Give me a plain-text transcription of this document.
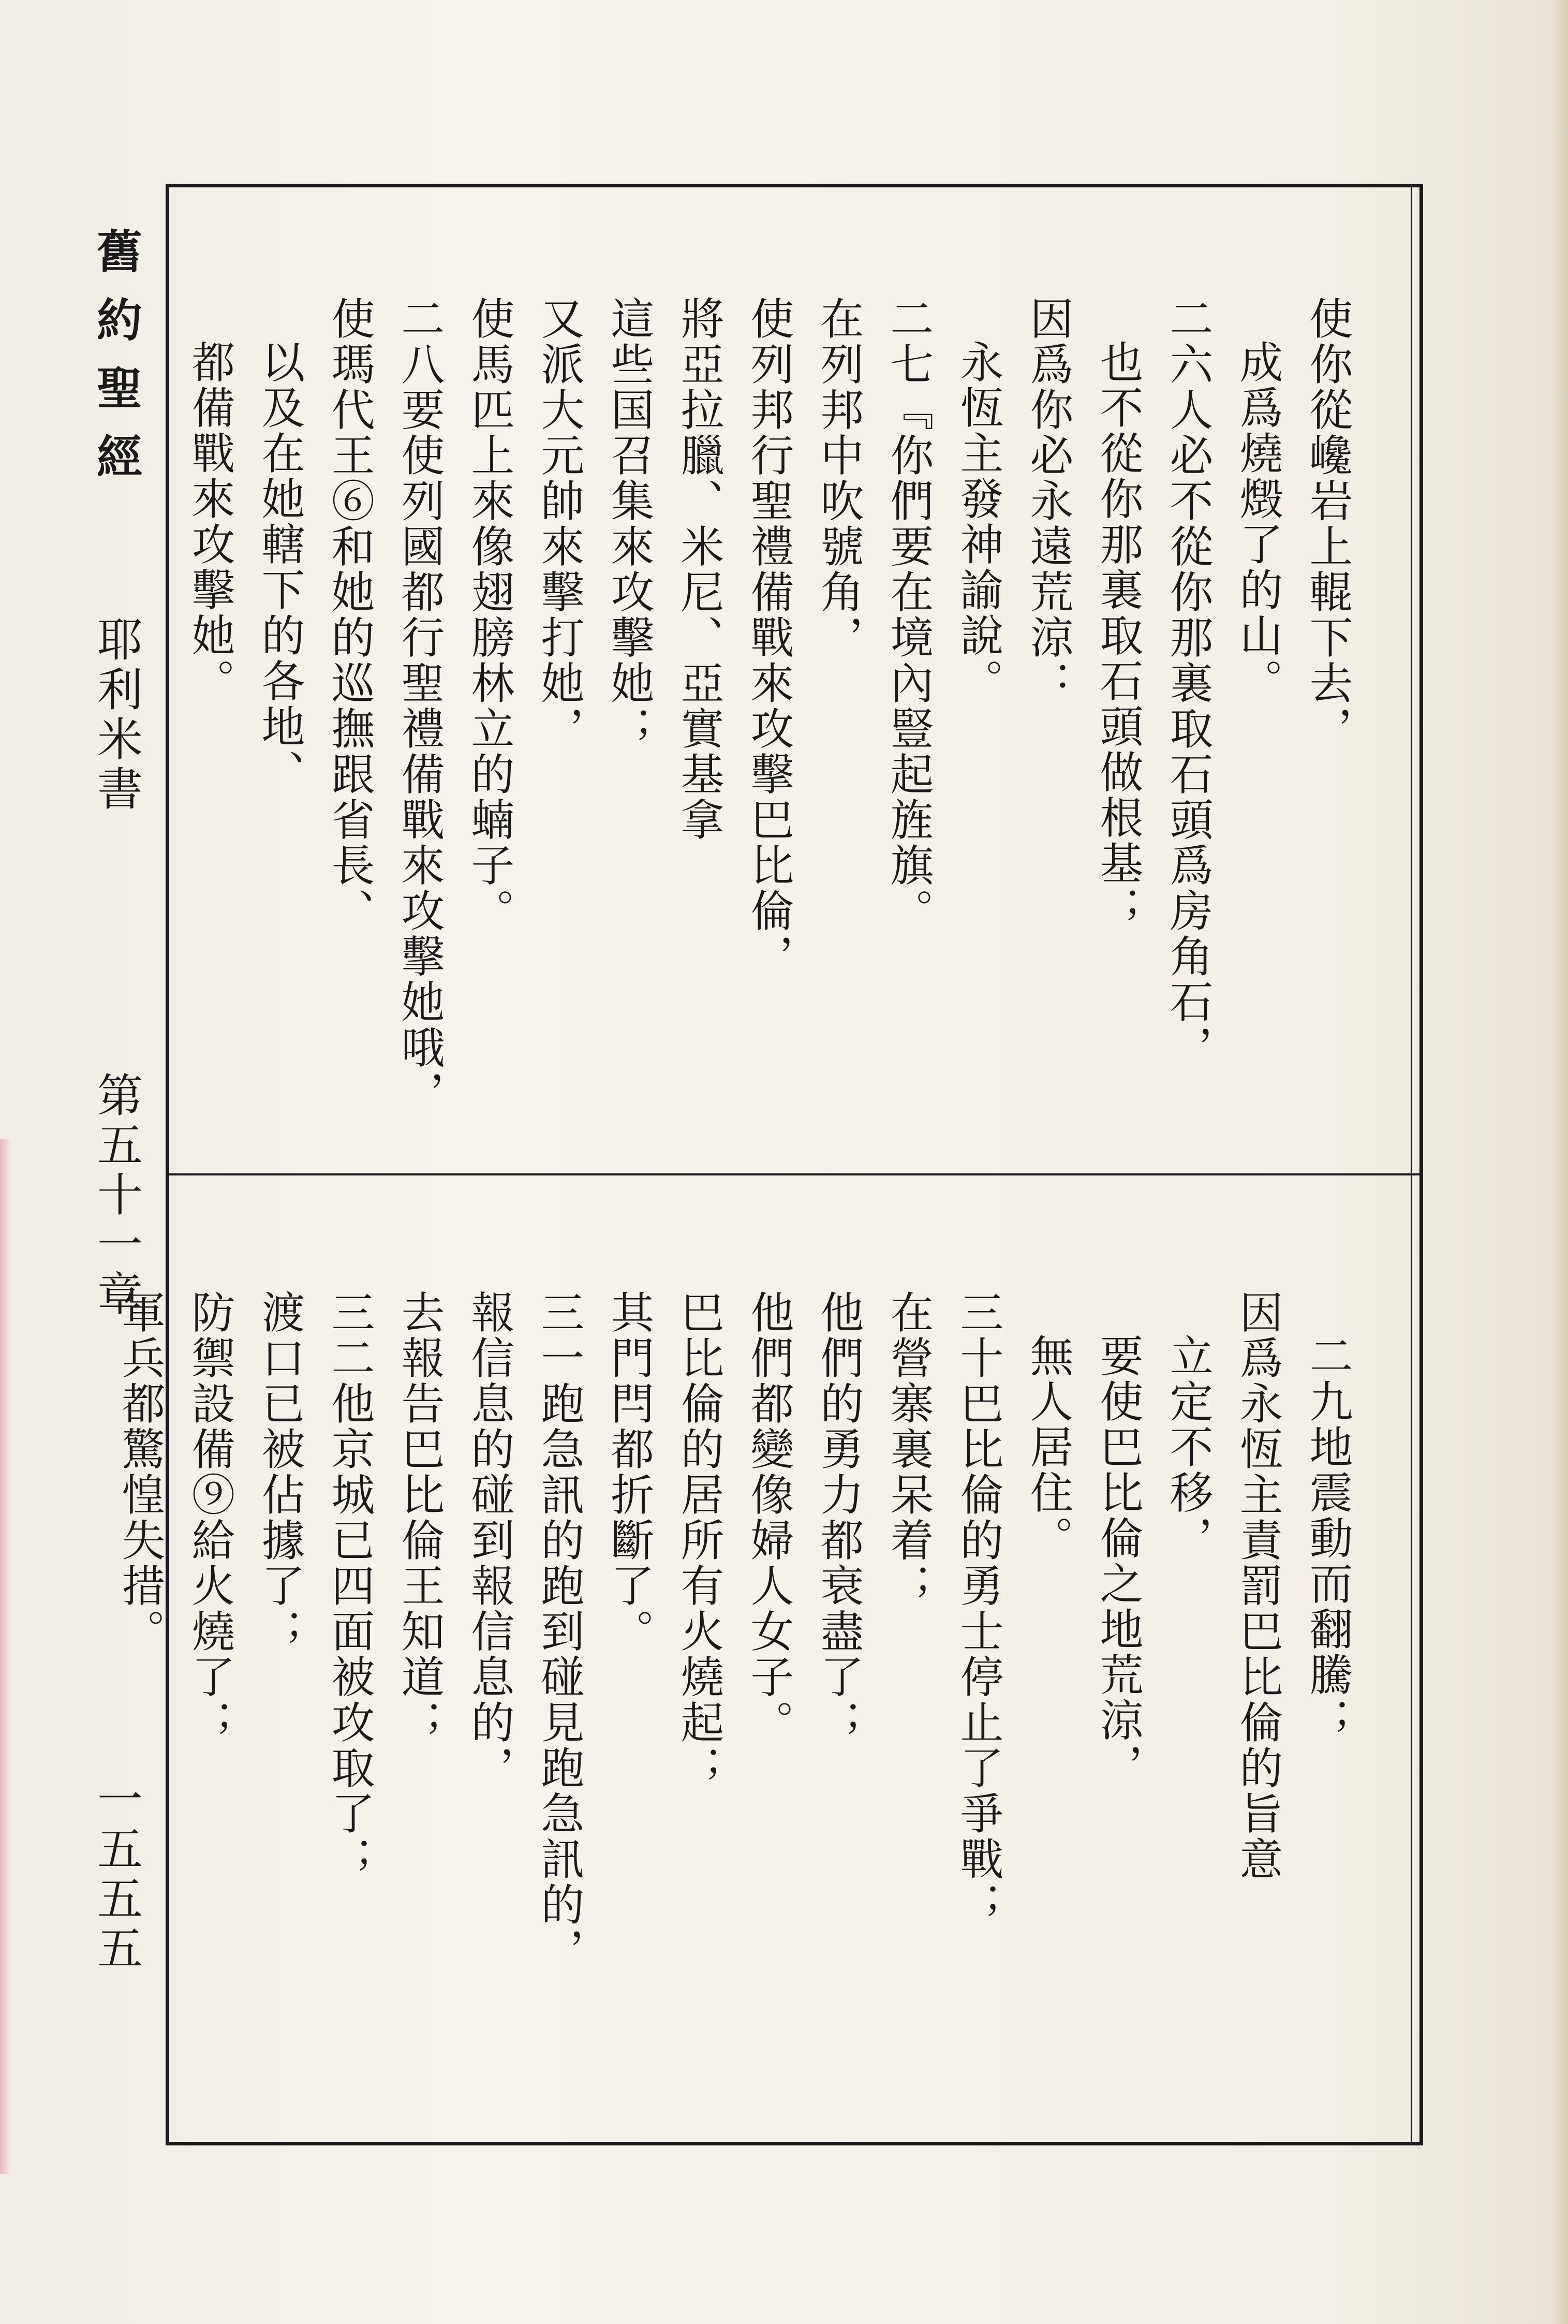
舊約聖經
耶利米書
第五十一章
一五五五
使你從巉岩上輥下去，
成爲燒燬了的山。
二六人必不從你那裏取石頭爲房角石，
也不從你那裏取石頭做根基；
因爲你必永遠荒涼：
永恆主發神諭說。
二七『你們要在境內豎起旌旗。
在列邦中吹號角，
使列邦行聖禮備戰來攻擊巴比倫，
將亞拉臘、米尼、亞實基拿
這些国召集來攻擊她；
又派大元帥來擊打她，
使馬匹上來像翅膀林立的蝻子。
二八要使列國都行聖禮備戰來攻擊她哦，
使瑪代王⑥和她的巡撫跟省長、
以及在她轄下的各地、
都備戰來攻擊她。
二九地震動而翻騰；
因爲永恆主責罰巴比倫的旨意
立定不移，
要使巴比倫之地荒涼，
無人居住。
三十巴比倫的勇士停止了爭戰；
在營寨裏呆着；
他們的勇力都衰盡了；
他們都變像婦人女子。
巴比倫的居所有火燒起；
其門閂都折斷了。
三一跑急訊的跑到碰見跑急訊的，
報信息的碰到報信息的，
去報告巴比倫王知道；
三二他京城已四面被攻取了；
渡口已被佔據了；
防禦設備⑨給火燒了；
軍兵都驚惶失措。
